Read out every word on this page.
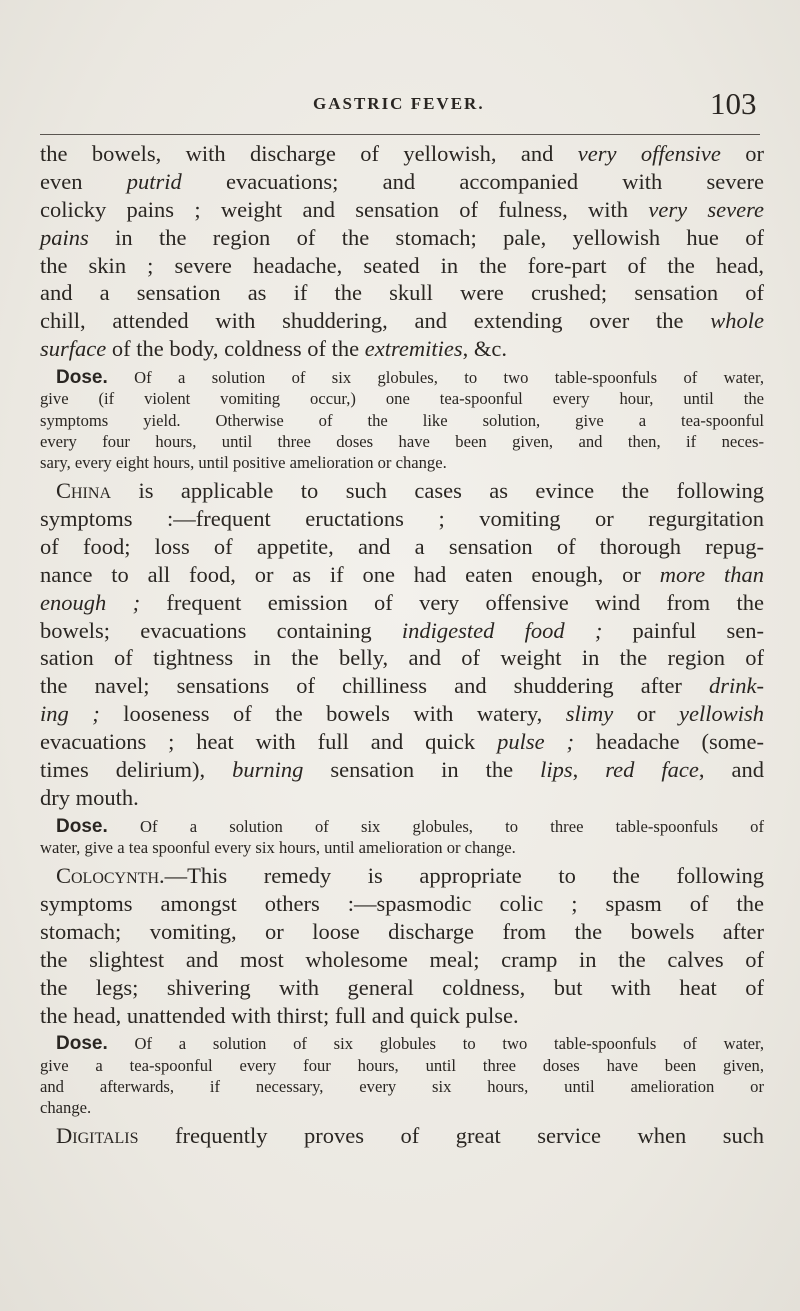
GASTRIC FEVER.	103
the bowels, with discharge of yellowish, and very offensive or
even putrid evacuations; and accompanied with severe
colicky pains ; weight and sensation of fulness, with very severe
pains in the region of the stomach; pale, yellowish hue of
the skin ; severe headache, seated in the fore-part of the head,
and a sensation as if the skull were crushed; sensation of
chill, attended with shuddering, and extending over the whole
surface of the body, coldness of the extremities, &c.
Dose. Of a solution of six globules, to two table-spoonfuls of water,
give (if violent vomiting occur,) one tea-spoonful every hour, until the
symptoms yield. Otherwise of the like solution, give a tea-spoonful
every four hours, until three doses have been given, and then, if neces-
sary, every eight hours, until positive amelioration or change.
China is applicable to such cases as evince the following
symptoms :—frequent eructations ; vomiting or regurgitation
of food; loss of appetite, and a sensation of thorough repug-
nance to all food, or as if one had eaten enough, or more than
enough ; frequent emission of very offensive wind from the
bowels; evacuations containing indigested food ; painful sen-
sation of tightness in the belly, and of weight in the region of
the navel; sensations of chilliness and shuddering after drink-
ing ; looseness of the bowels with watery, slimy or yellowish
evacuations ; heat with full and quick pulse ; headache (some-
times delirium), burning sensation in the lips, red face, and
dry mouth.
Dose. Of a solution of six globules, to three table-spoonfuls of
water, give a tea spoonful every six hours, until amelioration or change.
Colocynth.—This remedy is appropriate to the following
symptoms amongst others :—spasmodic colic ; spasm of the
stomach; vomiting, or loose discharge from the bowels after
the slightest and most wholesome meal; cramp in the calves of
the legs; shivering with general coldness, but with heat of
the head, unattended with thirst; full and quick pulse.
Dose. Of a solution of six globules to two table-spoonfuls of water,
give a tea-spoonful every four hours, until three doses have been given,
and afterwards, if necessary, every six hours, until amelioration or
change.
Digitalis frequently proves of great service when such
